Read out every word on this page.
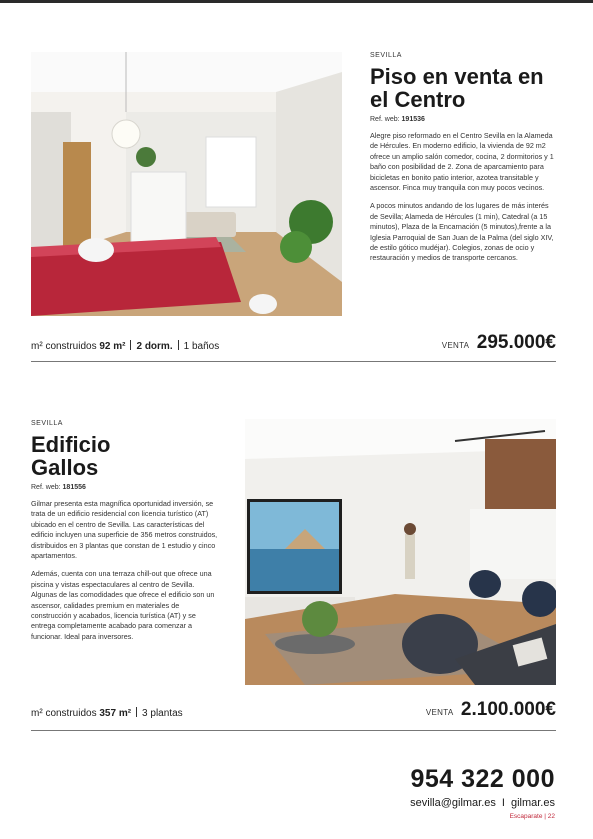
SEVILLA
Piso en venta en
el Centro
Ref. web: 191536

Alegre piso reformado en el Centro Sevilla en la Alameda de Hércules. En moderno edificio, la vivienda de 92 m2 ofrece un amplio salón comedor, cocina, 2 dormitorios y 1 baño con posibilidad de 2. Zona de aparcamiento para bicicletas en bonito patio interior, azotea transitable y ascensor. Finca muy tranquila con muy pocos vecinos.

A pocos minutos andando de los lugares de más interés de Sevilla; Alameda de Hércules (1 min), Catedral (a 15 minutos), Plaza de la Encarnación (5 minutos),frente a la Iglesia Parroquial de San Juan de la Palma (del siglo XIV, de estilo gótico mudéjar). Colegios, zonas de ocio y restauración y medios de transporte cercanos.

m² construidos 92 m² 2 dorm. 1 baños	VENTA 295.000€
SEVILLA
Edificio
Gallos
Ref. web: 181556

Gilmar presenta esta magnífica oportunidad inversión, se trata de un edificio residencial con licencia turístico (AT) ubicado en el centro de Sevilla. Las características del edificio incluyen una superficie de 356 metros construidos, distribuidos en 3 plantas que constan de 1 estudio y cinco apartamentos.

Además, cuenta con una terraza chill-out que ofrece una piscina y vistas espectaculares al centro de Sevilla. Algunas de las comodidades que ofrece el edificio son un ascensor, calidades premium en materiales de construcción y acabados, licencia turística (AT) y se entrega completamente acabado para comenzar a funcionar. Ideal para inversores.

m² construidos 357 m² 3 plantas	VENTA 2.100.000€
954 322 000
sevilla@gilmar.es I gilmar.es
Escaparate | 22
